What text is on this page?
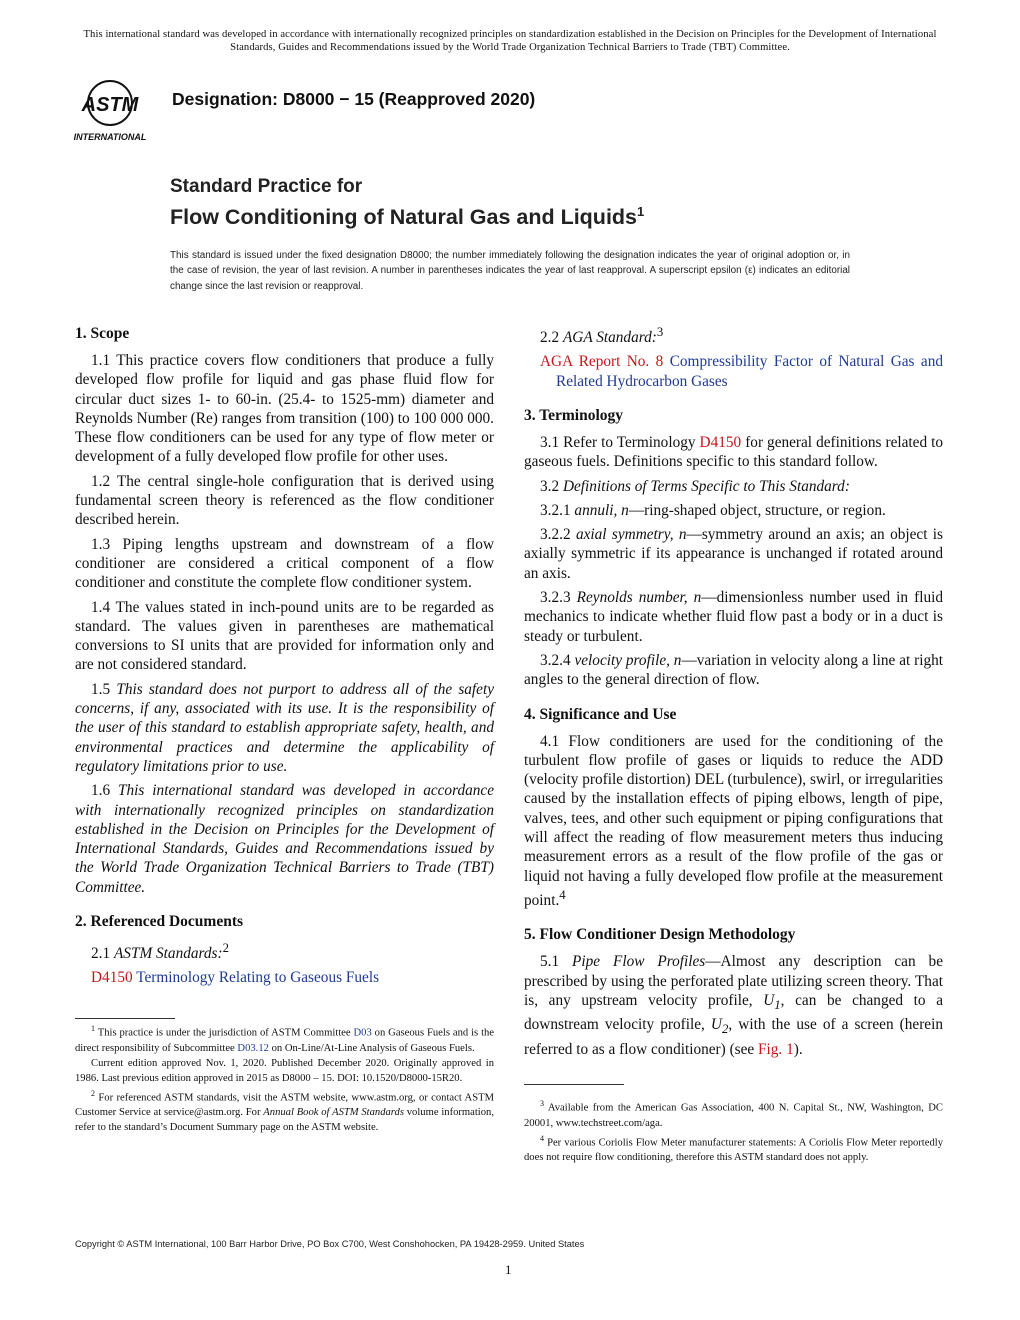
This international standard was developed in accordance with internationally recognized principles on standardization established in the Decision on Principles for the Development of International Standards, Guides and Recommendations issued by the World Trade Organization Technical Barriers to Trade (TBT) Committee.
ASTM
INTERNATIONAL
Designation: D8000 − 15 (Reapproved 2020)
Standard Practice for
Flow Conditioning of Natural Gas and Liquids$^1$
This standard is issued under the fixed designation D8000; the number immediately following the designation indicates the year of original adoption or, in the case of revision, the year of last revision. A number in parentheses indicates the year of last reapproval. A superscript epsilon (ε) indicates an editorial change since the last revision or reapproval.
1. Scope

1.1 This practice covers flow conditioners that produce a fully developed flow profile for liquid and gas phase fluid flow for circular duct sizes 1- to 60-in. (25.4- to 1525-mm) diameter and Reynolds Number (Re) ranges from transition (100) to 100 000 000. These flow conditioners can be used for any type of flow meter or development of a fully developed flow profile for other uses.

1.2 The central single-hole configuration that is derived using fundamental screen theory is referenced as the flow conditioner described herein.

1.3 Piping lengths upstream and downstream of a flow conditioner are considered a critical component of a flow conditioner and constitute the complete flow conditioner system.

1.4 The values stated in inch-pound units are to be regarded as standard. The values given in parentheses are mathematical conversions to SI units that are provided for information only and are not considered standard.

1.5 This standard does not purport to address all of the safety concerns, if any, associated with its use. It is the responsibility of the user of this standard to establish appropriate safety, health, and environmental practices and determine the applicability of regulatory limitations prior to use.

1.6 This international standard was developed in accordance with internationally recognized principles on standardization established in the Decision on Principles for the Development of International Standards, Guides and Recommendations issued by the World Trade Organization Technical Barriers to Trade (TBT) Committee.

2. Referenced Documents

2.1 ASTM Standards:$^2$

D4150 Terminology Relating to Gaseous Fuels

$^1$ This practice is under the jurisdiction of ASTM Committee D03 on Gaseous Fuels and is the direct responsibility of Subcommittee D03.12 on On-Line/At-Line Analysis of Gaseous Fuels.

Current edition approved Nov. 1, 2020. Published December 2020. Originally approved in 1986. Last previous edition approved in 2015 as D8000 – 15. DOI: 10.1520/D8000-15R20.

$^2$ For referenced ASTM standards, visit the ASTM website, www.astm.org, or contact ASTM Customer Service at service@astm.org. For Annual Book of ASTM Standards volume information, refer to the standard’s Document Summary page on the ASTM website.

2.2 AGA Standard:$^3$

AGA Report No. 8 Compressibility Factor of Natural Gas and Related Hydrocarbon Gases

3. Terminology

3.1 Refer to Terminology D4150 for general definitions related to gaseous fuels. Definitions specific to this standard follow.

3.2 Definitions of Terms Specific to This Standard:

3.2.1 annuli, n—ring-shaped object, structure, or region.

3.2.2 axial symmetry, n—symmetry around an axis; an object is axially symmetric if its appearance is unchanged if rotated around an axis.

3.2.3 Reynolds number, n—dimensionless number used in fluid mechanics to indicate whether fluid flow past a body or in a duct is steady or turbulent.

3.2.4 velocity profile, n—variation in velocity along a line at right angles to the general direction of flow.

4. Significance and Use

4.1 Flow conditioners are used for the conditioning of the turbulent flow profile of gases or liquids to reduce the ADD (velocity profile distortion) DEL (turbulence), swirl, or irregularities caused by the installation effects of piping elbows, length of pipe, valves, tees, and other such equipment or piping configurations that will affect the reading of flow measurement meters thus inducing measurement errors as a result of the flow profile of the gas or liquid not having a fully developed flow profile at the measurement point.$^4$

5. Flow Conditioner Design Methodology

5.1 Pipe Flow Profiles—Almost any description can be prescribed by using the perforated plate utilizing screen theory. That is, any upstream velocity profile, $U_1$, can be changed to a downstream velocity profile, $U_2$, with the use of a screen (herein referred to as a flow conditioner) (see Fig. 1).

$^3$ Available from the American Gas Association, 400 N. Capital St., NW, Washington, DC 20001, www.techstreet.com/aga.

$^4$ Per various Coriolis Flow Meter manufacturer statements: A Coriolis Flow Meter reportedly does not require flow conditioning, therefore this ASTM standard does not apply.

Copyright © ASTM International, 100 Barr Harbor Drive, PO Box C700, West Conshohocken, PA 19428-2959. United States
1
